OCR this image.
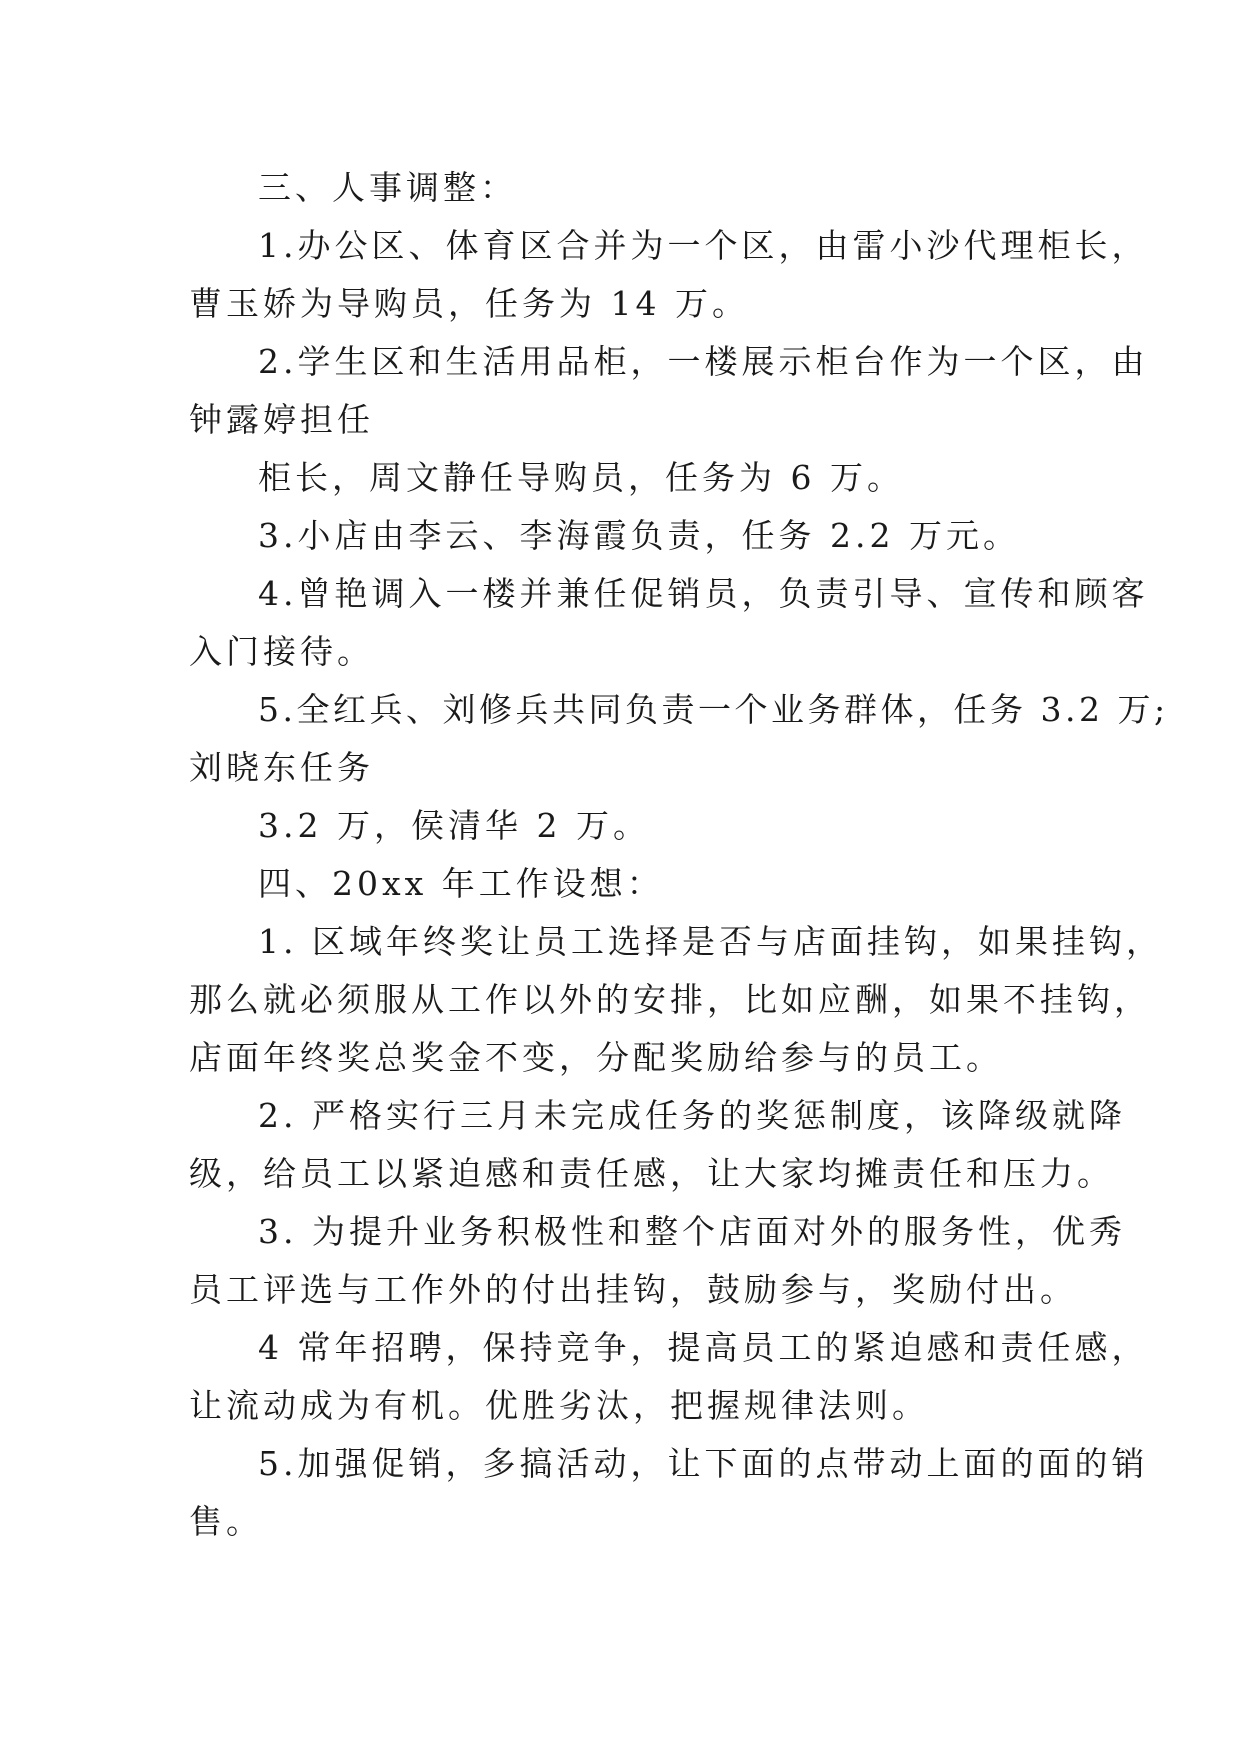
三、人事调整：
1.办公区、体育区合并为一个区，由雷小沙代理柜长，
曹玉娇为导购员，任务为 14 万。
2.学生区和生活用品柜，一楼展示柜台作为一个区，由
钟露婷担任
柜长，周文静任导购员，任务为 6 万。
3.小店由李云、李海霞负责，任务 2.2 万元。
4.曾艳调入一楼并兼任促销员，负责引导、宣传和顾客
入门接待。
5.全红兵、刘修兵共同负责一个业务群体，任务 3.2 万;
刘晓东任务
3.2 万，侯清华 2 万。
四、20xx 年工作设想：
1. 区域年终奖让员工选择是否与店面挂钩，如果挂钩，
那么就必须服从工作以外的安排，比如应酬，如果不挂钩，
店面年终奖总奖金不变，分配奖励给参与的员工。
2. 严格实行三月未完成任务的奖惩制度，该降级就降
级，给员工以紧迫感和责任感，让大家均摊责任和压力。
3. 为提升业务积极性和整个店面对外的服务性，优秀
员工评选与工作外的付出挂钩，鼓励参与，奖励付出。
4 常年招聘，保持竞争，提高员工的紧迫感和责任感，
让流动成为有机。优胜劣汰，把握规律法则。
5.加强促销，多搞活动，让下面的点带动上面的面的销
售。
